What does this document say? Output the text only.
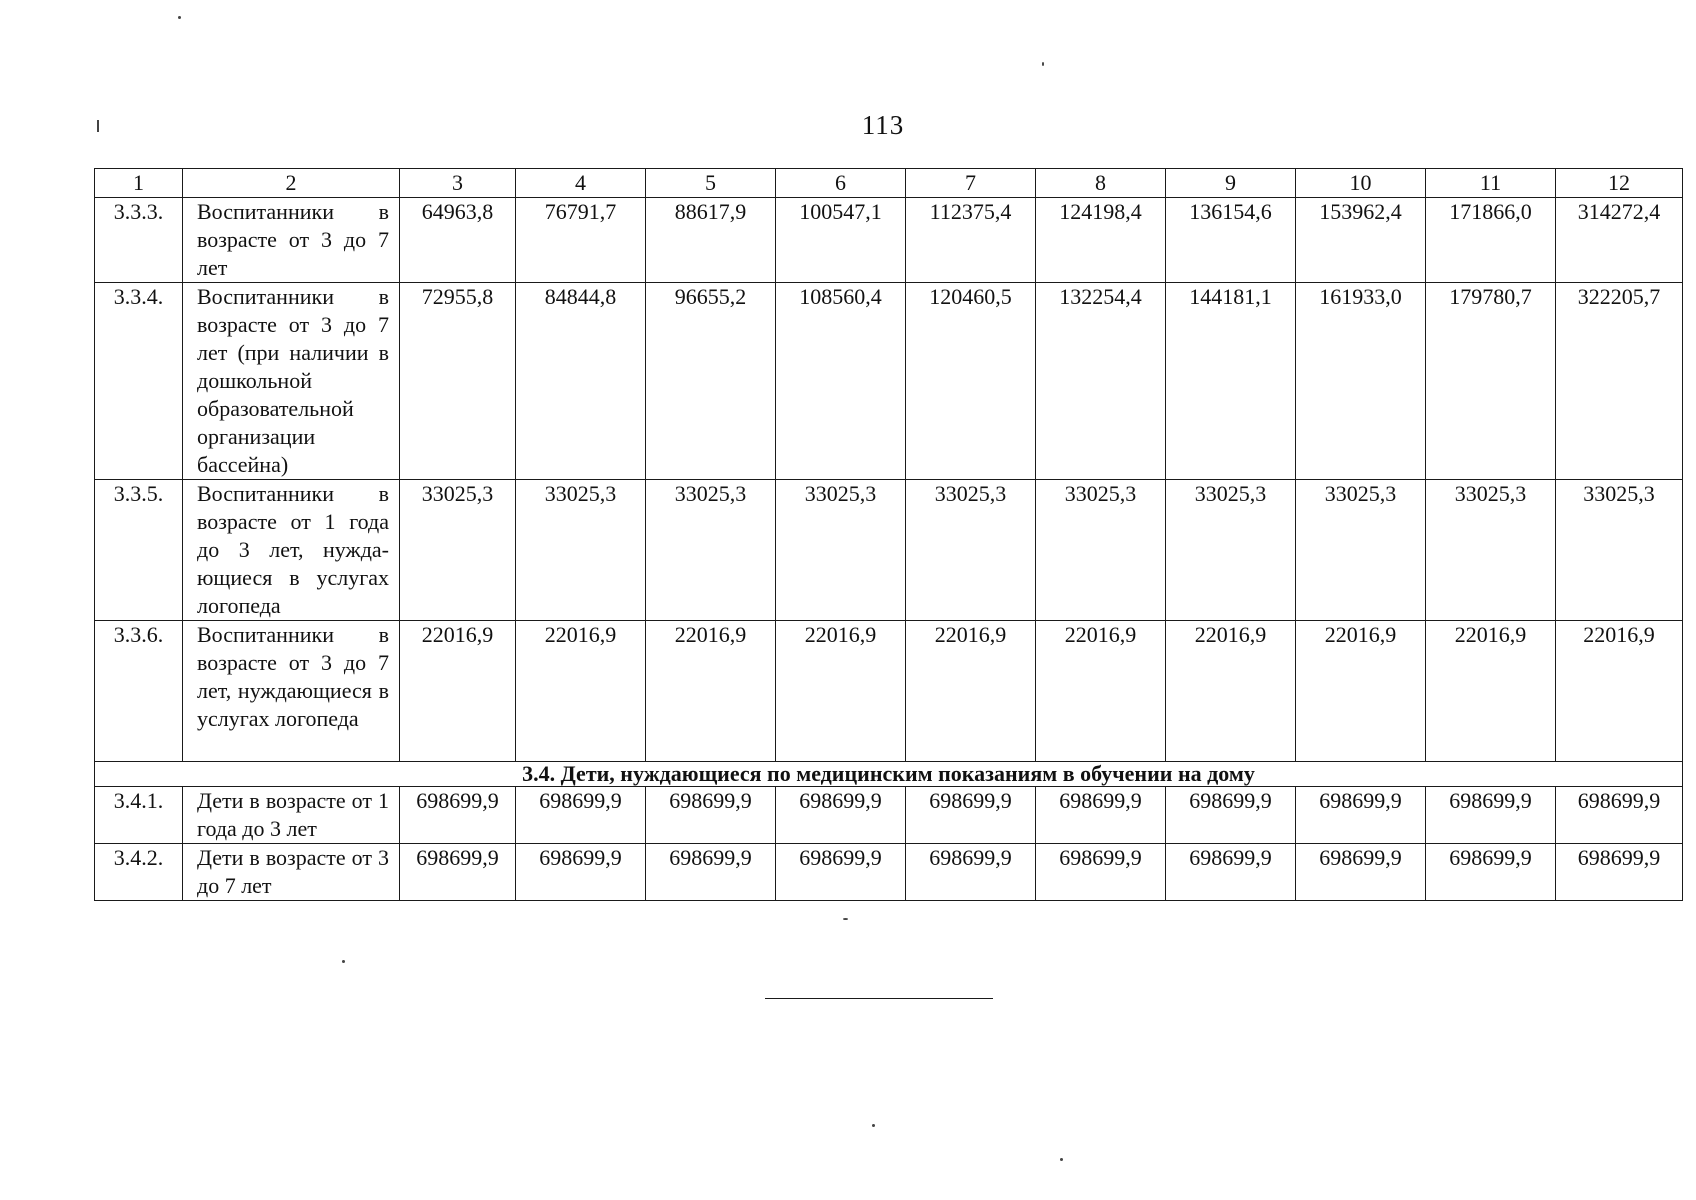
113
1	2	3	4	5	6	7	8	9	10	11	12
3.3.3.	Воспитанники в возрасте от 3 до 7 лет	64963,8	76791,7	88617,9	100547,1	112375,4	124198,4	136154,6	153962,4	171866,0	314272,4
3.3.4.	Воспитанники в возрасте от 3 до 7 лет (при наличии в дошкольной образовательной организации бассейна)	72955,8	84844,8	96655,2	108560,4	120460,5	132254,4	144181,1	161933,0	179780,7	322205,7
3.3.5.	Воспитанники в возрасте от 1 года до 3 лет, нуждающиеся в услугах логопеда	33025,3	33025,3	33025,3	33025,3	33025,3	33025,3	33025,3	33025,3	33025,3	33025,3
3.3.6.	Воспитанники в возрасте от 3 до 7 лет, нуждающиеся в услугах логопеда	22016,9	22016,9	22016,9	22016,9	22016,9	22016,9	22016,9	22016,9	22016,9	22016,9
3.4. Дети, нуждающиеся по медицинским показаниям в обучении на дому											
3.4.1.	Дети в возрасте от 1 года до 3 лет	698699,9	698699,9	698699,9	698699,9	698699,9	698699,9	698699,9	698699,9	698699,9	698699,9
3.4.2.	Дети в возрасте от 3 до 7 лет	698699,9	698699,9	698699,9	698699,9	698699,9	698699,9	698699,9	698699,9	698699,9	698699,9
